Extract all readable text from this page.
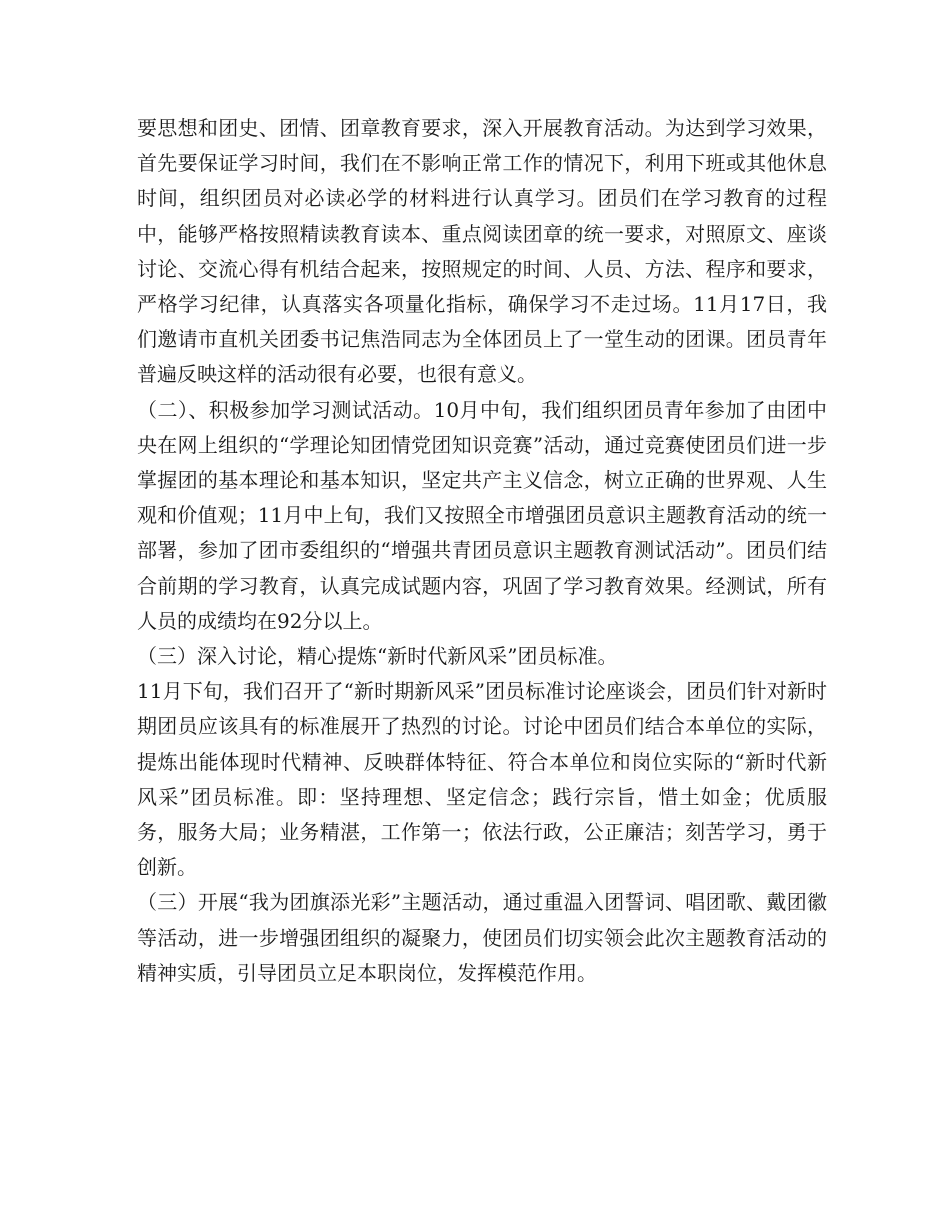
要思想和团史、团情、团章教育要求，深入开展教育活动。为达到学习效果，首先要保证学习时间，我们在不影响正常工作的情况下，利用下班或其他休息时间，组织团员对必读必学的材料进行认真学习。团员们在学习教育的过程中，能够严格按照精读教育读本、重点阅读团章的统一要求，对照原文、座谈讨论、交流心得有机结合起来，按照规定的时间、人员、方法、程序和要求，严格学习纪律，认真落实各项量化指标，确保学习不走过场。11月17日，我们邀请市直机关团委书记焦浩同志为全体团员上了一堂生动的团课。团员青年普遍反映这样的活动很有必要，也很有意义。

（二）、积极参加学习测试活动。10月中旬，我们组织团员青年参加了由团中央在网上组织的“学理论知团情党团知识竞赛”活动，通过竞赛使团员们进一步掌握团的基本理论和基本知识，坚定共产主义信念，树立正确的世界观、人生观和价值观；11月中上旬，我们又按照全市增强团员意识主题教育活动的统一部署，参加了团市委组织的“增强共青团员意识主题教育测试活动”。团员们结合前期的学习教育，认真完成试题内容，巩固了学习教育效果。经测试，所有人员的成绩均在92分以上。

（三）深入讨论，精心提炼“新时代新风采”团员标准。

11月下旬，我们召开了“新时期新风采”团员标准讨论座谈会，团员们针对新时期团员应该具有的标准展开了热烈的讨论。讨论中团员们结合本单位的实际，提炼出能体现时代精神、反映群体特征、符合本单位和岗位实际的“新时代新风采”团员标准。即：坚持理想、坚定信念；践行宗旨，惜土如金；优质服务，服务大局；业务精湛，工作第一；依法行政，公正廉洁；刻苦学习，勇于创新。

（三）开展“我为团旗添光彩”主题活动，通过重温入团誓词、唱团歌、戴团徽等活动，进一步增强团组织的凝聚力，使团员们切实领会此次主题教育活动的精神实质，引导团员立足本职岗位，发挥模范作用。
